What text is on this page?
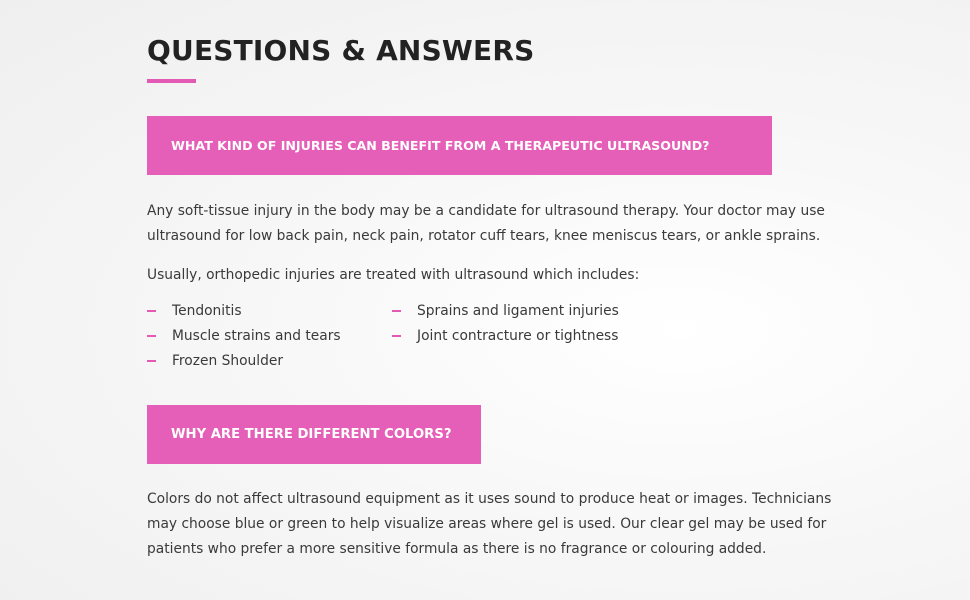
QUESTIONS & ANSWERS
WHAT KIND OF INJURIES CAN BENEFIT FROM A THERAPEUTIC ULTRASOUND?

Any soft-tissue injury in the body may be a candidate for ultrasound therapy. Your doctor may use
ultrasound for low back pain, neck pain, rotator cuff tears, knee meniscus tears, or ankle sprains.

Usually, orthopedic injuries are treated with ultrasound which includes:

Tendonitis
Muscle strains and tears
Frozen Shoulder
Sprains and ligament injuries
Joint contracture or tightness
WHY ARE THERE DIFFERENT COLORS?

Colors do not affect ultrasound equipment as it uses sound to produce heat or images. Technicians
may choose blue or green to help visualize areas where gel is used. Our clear gel may be used for
patients who prefer a more sensitive formula as there is no fragrance or colouring added.
